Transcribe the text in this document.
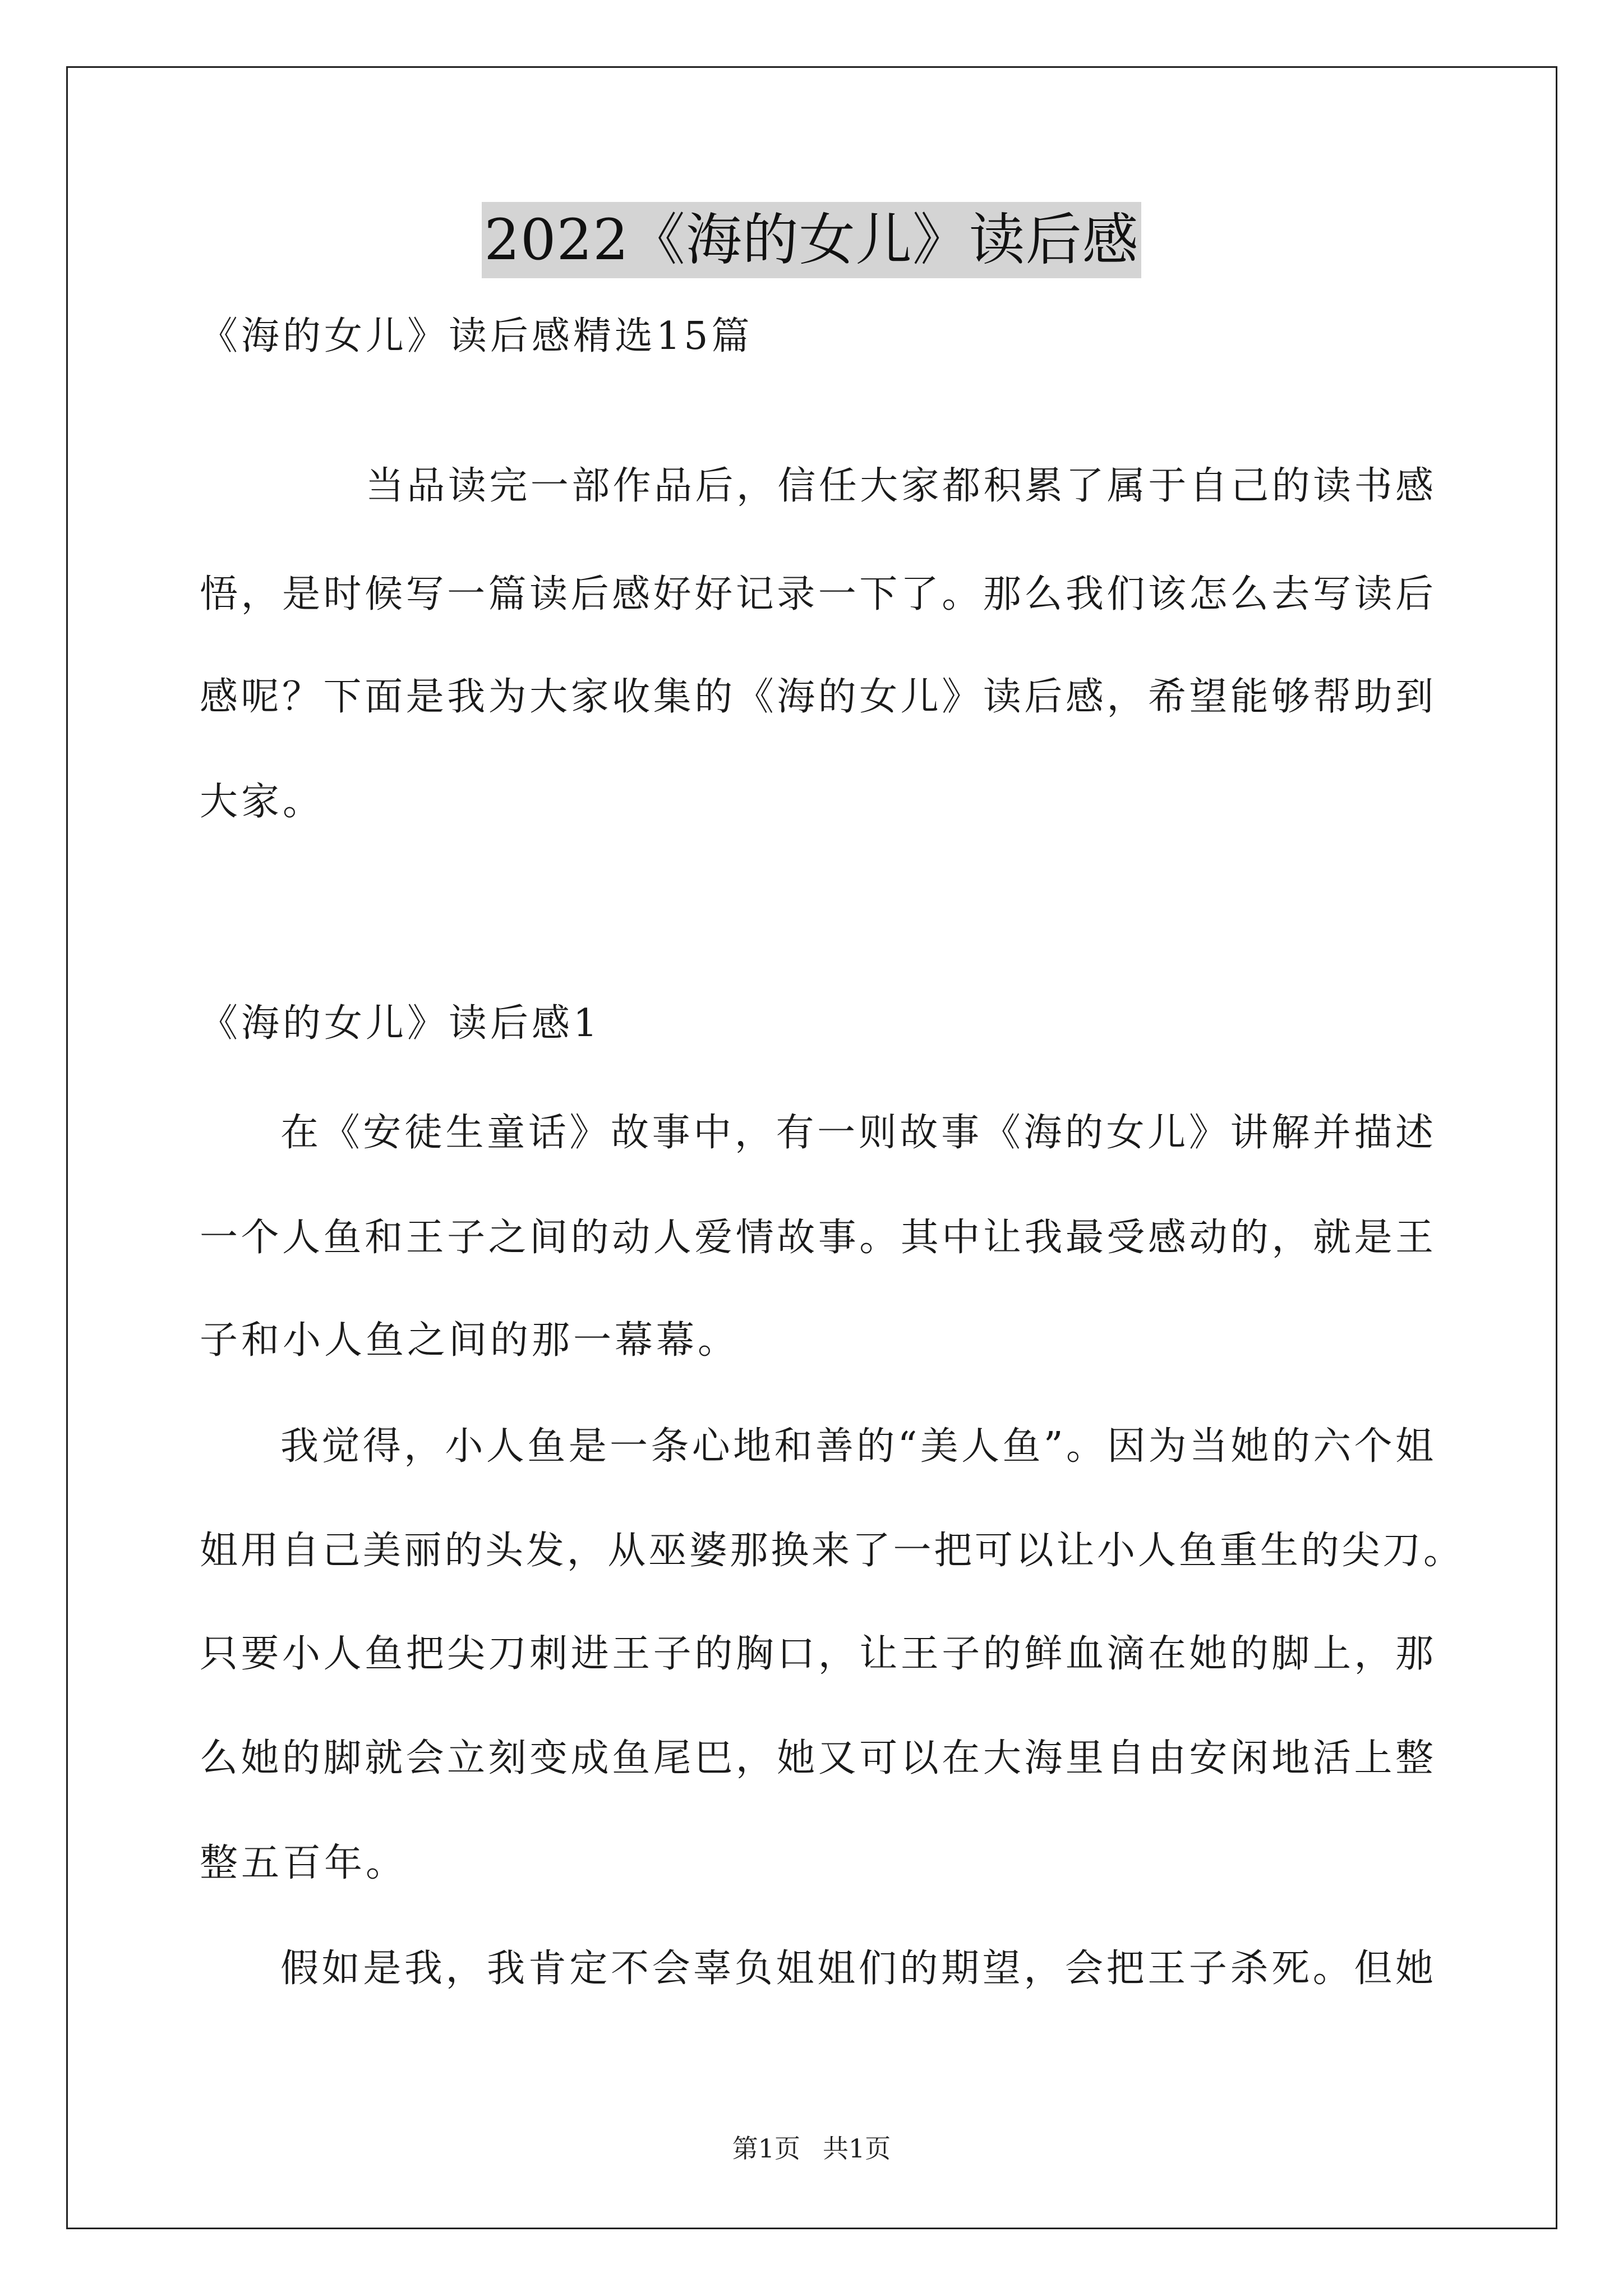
2022《海的女儿》读后感
《海的女儿》读后感精选15篇
当品读完一部作品后，信任大家都积累了属于自己的读书感
悟，是时候写一篇读后感好好记录一下了。那么我们该怎么去写读后
感呢？下面是我为大家收集的《海的女儿》读后感，希望能够帮助到
大家。
《海的女儿》读后感1
在《安徒生童话》故事中，有一则故事《海的女儿》讲解并描述
一个人鱼和王子之间的动人爱情故事。其中让我最受感动的，就是王
子和小人鱼之间的那一幕幕。
我觉得，小人鱼是一条心地和善的“美人鱼”。因为当她的六个姐
姐用自己美丽的头发，从巫婆那换来了一把可以让小人鱼重生的尖刀。
只要小人鱼把尖刀刺进王子的胸口，让王子的鲜血滴在她的脚上，那
么她的脚就会立刻变成鱼尾巴，她又可以在大海里自由安闲地活上整
整五百年。
假如是我，我肯定不会辜负姐姐们的期望，会把王子杀死。但她
第1页 共1页
